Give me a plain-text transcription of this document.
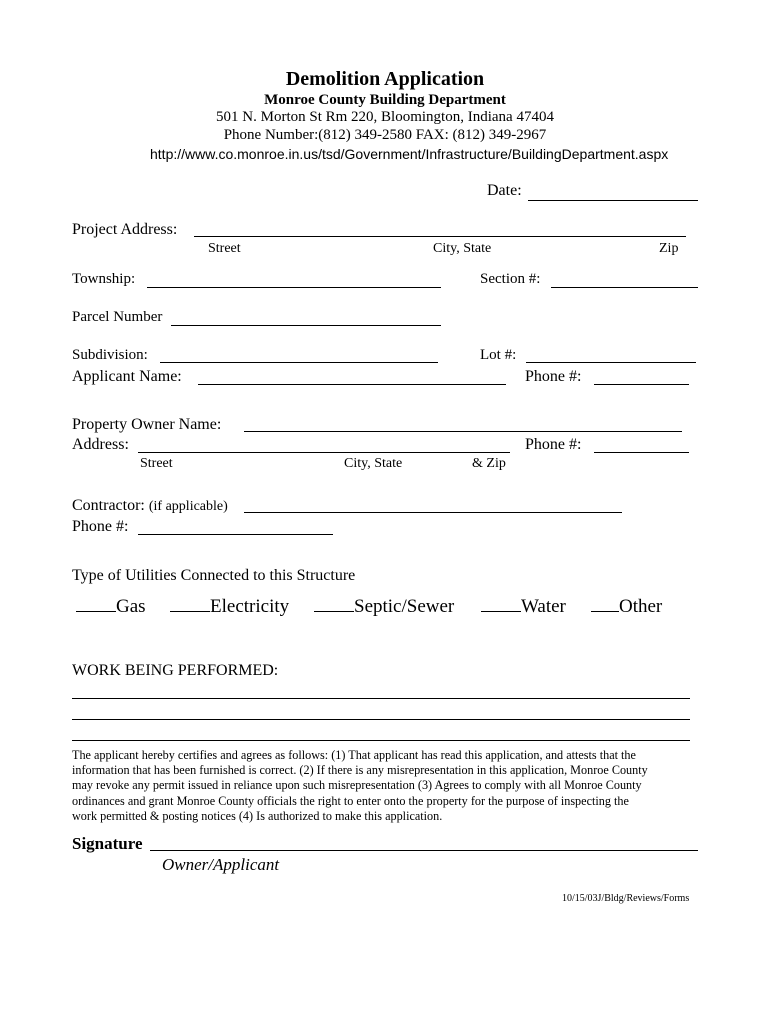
Demolition Application
Monroe County Building Department
501 N. Morton St Rm 220, Bloomington, Indiana 47404
Phone Number:(812) 349-2580 FAX: (812) 349-2967
http://www.co.monroe.in.us/tsd/Government/Infrastructure/BuildingDepartment.aspx
Date:
Project Address:
Street	City, State	Zip
Township:	Section #:
Parcel Number
Subdivision:	Lot #:
Applicant Name:	Phone #:
Property Owner Name:
Address:	Phone #:
Street	City, State	& Zip
Contractor: (if applicable)
Phone #:
Type of Utilities Connected to this Structure
Gas	Electricity	Septic/Sewer	Water	Other
WORK BEING PERFORMED:
The applicant hereby certifies and agrees as follows: (1) That applicant has read this application, and attests that the
information that has been furnished is correct. (2) If there is any misrepresentation in this application, Monroe County
may revoke any permit issued in reliance upon such misrepresentation (3) Agrees to comply with all Monroe County
ordinances and grant Monroe County officials the right to enter onto the property for the purpose of inspecting the
work permitted & posting notices (4) Is authorized to make this application.
Signature
Owner/Applicant
10/15/03J/Bldg/Reviews/Forms
